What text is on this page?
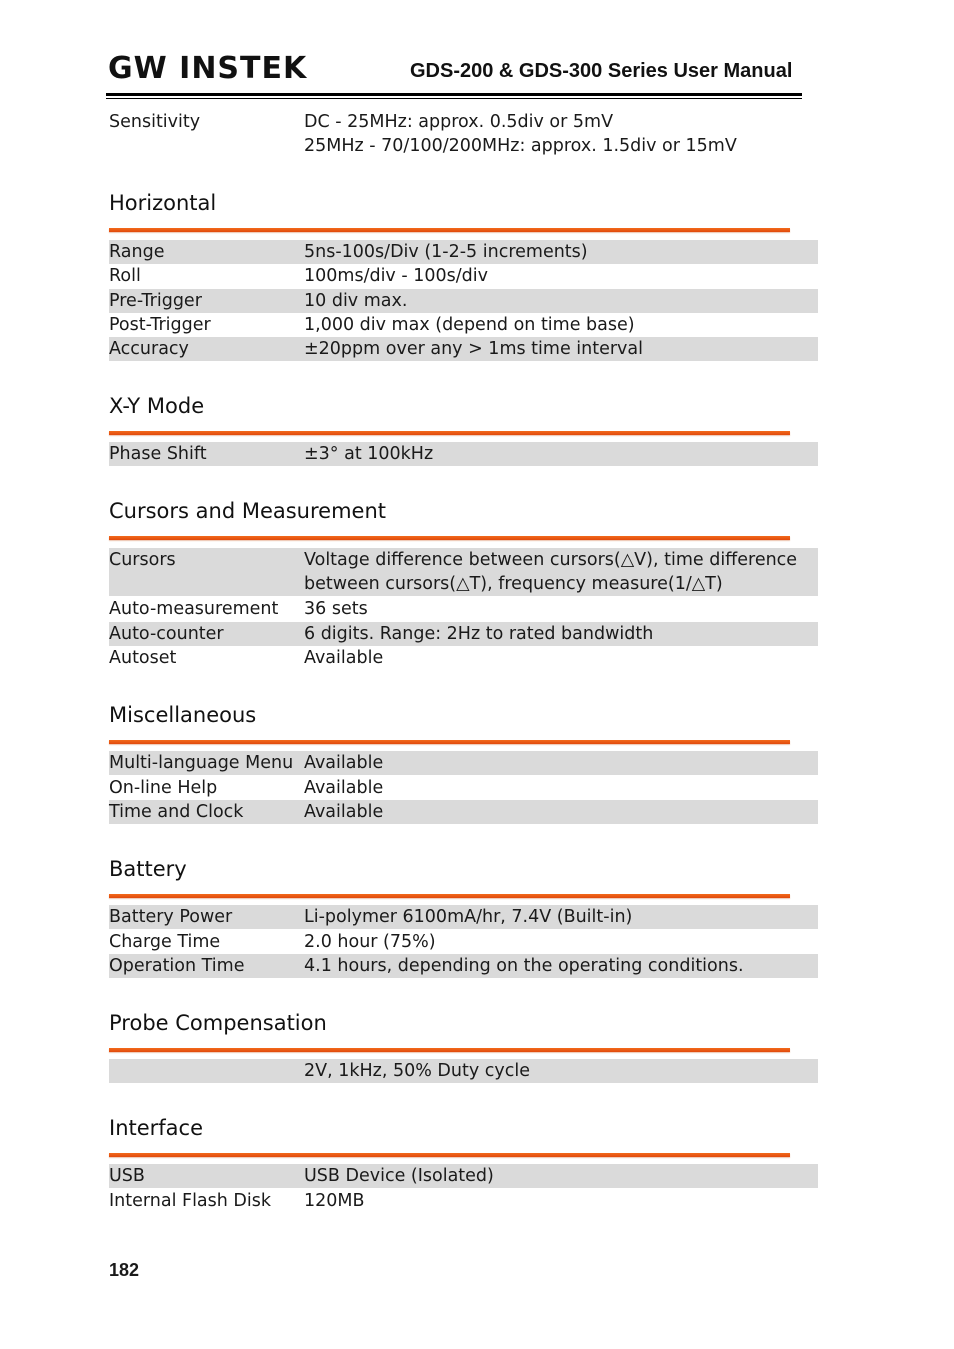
GW INSTEK	GDS-200 & GDS-300 Series User Manual
Sensitivity	DC - 25MHz: approx. 0.5div or 5mV
25MHz - 70/100/200MHz: approx. 1.5div or 15mV
Horizontal
Range	5ns-100s/Div (1-2-5 increments)
Roll	100ms/div - 100s/div
Pre-Trigger	10 div max.
Post-Trigger	1,000 div max (depend on time base)
Accuracy	±20ppm over any > 1ms time interval
X-Y Mode
Phase Shift	±3° at 100kHz
Cursors and Measurement
Cursors	Voltage difference between cursors(△V), time difference
between cursors(△T), frequency measure(1/△T)
Auto-measurement 36 sets
Auto-counter	6 digits. Range: 2Hz to rated bandwidth
Autoset	Available
Miscellaneous
Multi-language Menu Available
On-line Help	Available
Time and Clock	Available
Battery
Battery Power	Li-polymer 6100mA/hr, 7.4V (Built-in)
Charge Time	2.0 hour (75%)
Operation Time	4.1 hours, depending on the operating conditions.
Probe Compensation
2V, 1kHz, 50% Duty cycle
Interface
USB	USB Device (Isolated)
Internal Flash Disk 120MB
182
